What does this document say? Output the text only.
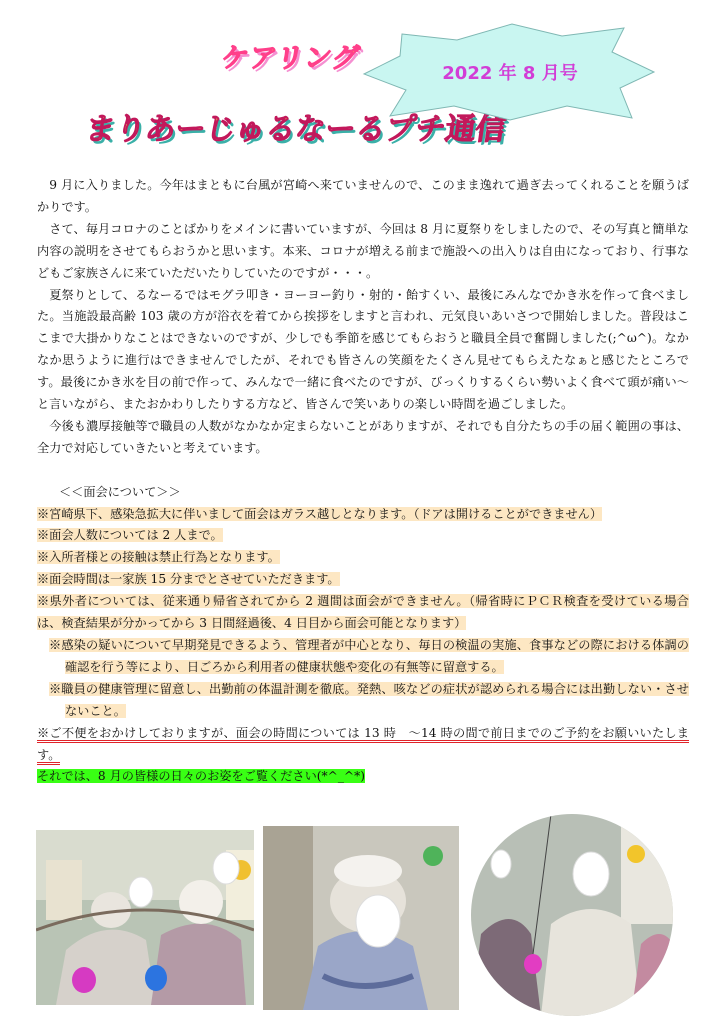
ケアリング
まりあーじゅるなーるプチ通信
2022 年 8 月号

9 月に入りました。今年はまともに台風が宮崎へ来ていませんので、このまま逸れて過ぎ去ってくれることを願うばかりです。

さて、毎月コロナのことばかりをメインに書いていますが、今回は 8 月に夏祭りをしましたので、その写真と簡単な内容の説明をさせてもらおうかと思います。本来、コロナが増える前まで施設への出入りは自由になっており、行事などもご家族さんに来ていただいたりしていたのですが・・・。

夏祭りとして、るなーるではモグラ叩き・ヨーヨー釣り・射的・飴すくい、最後にみんなでかき氷を作って食べました。当施設最高齢 103 歳の方が浴衣を着てから挨拶をしますと言われ、元気良いあいさつで開始しました。普段はここまで大掛かりなことはできないのですが、少しでも季節を感じてもらおうと職員全員で奮闘しました(;^ω^)。なかなか思うように進行はできませんでしたが、それでも皆さんの笑顔をたくさん見せてもらえたなぁと感じたところです。最後にかき氷を目の前で作って、みんなで一緒に食べたのですが、びっくりするくらい勢いよく食べて頭が痛い～と言いながら、またおかわりしたりする方など、皆さんで笑いありの楽しい時間を過ごしました。

今後も濃厚接触等で職員の人数がなかなか定まらないことがありますが、それでも自分たちの手の届く範囲の事は、全力で対応していきたいと考えています。

＜＜面会について＞＞
※宮崎県下、感染急拡大に伴いまして面会はガラス越しとなります。（ドアは開けることができません）
※面会人数については 2 人まで。
※入所者様との接触は禁止行為となります。
※面会時間は一家族 15 分までとさせていただきます。
※県外者については、従来通り帰省されてから 2 週間は面会ができません。（帰省時にＰＣＲ検査を受けている場合は、検査結果が分かってから 3 日間経過後、4 日目から面会可能となります）
※感染の疑いについて早期発見できるよう、管理者が中心となり、毎日の検温の実施、食事などの際における体調の確認を行う等により、日ごろから利用者の健康状態や変化の有無等に留意する。
※職員の健康管理に留意し、出勤前の体温計測を徹底。発熱、咳などの症状が認められる場合には出勤しない・させないこと。
※ご不便をおかけしておりますが、面会の時間については 13 時　～14 時の間で前日までのご予約をお願いいたします。
それでは、8 月の皆様の日々のお姿をご覧ください(*^_^*)
